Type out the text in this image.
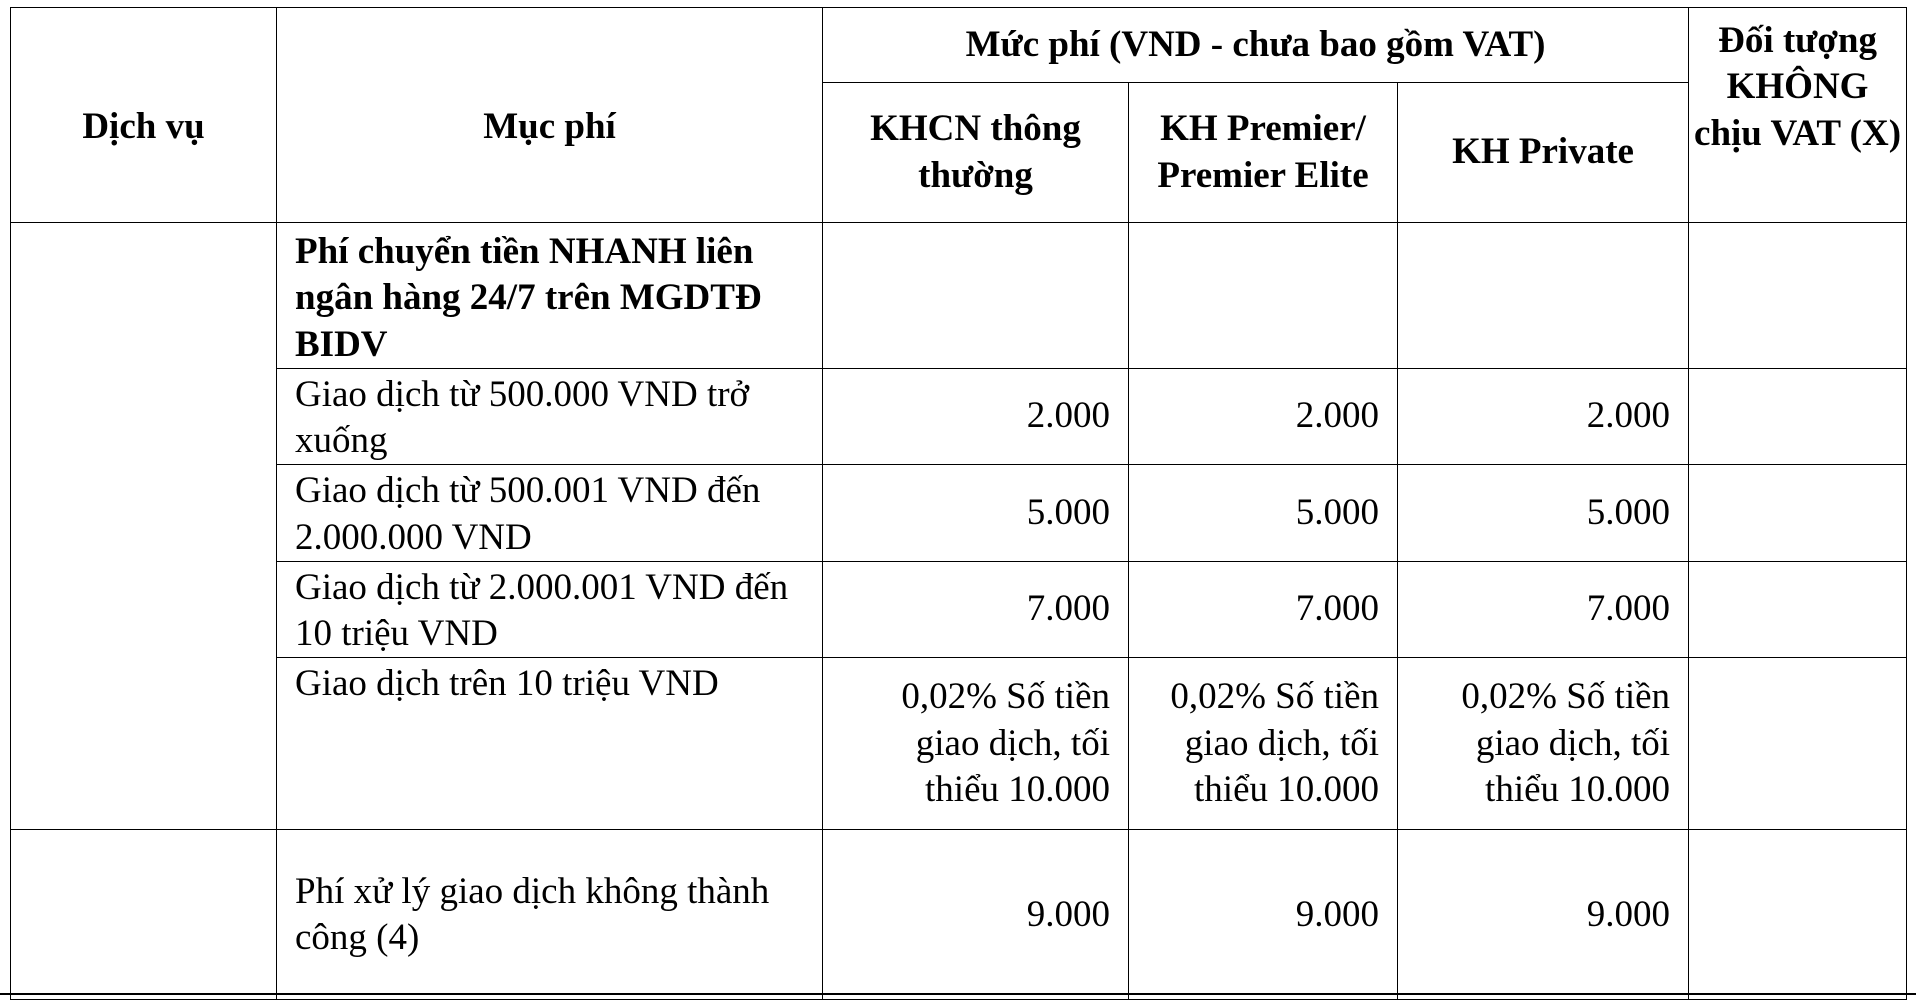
Dịch vụ	Mục phí	Mức phí (VND - chưa bao gồm VAT)			Đối tượng KHÔNG chịu VAT (X)
		KHCN thông thường	KH Premier/ Premier Elite	KH Private	
	Phí chuyển tiền NHANH liên ngân hàng 24/7 trên MGDTĐ BIDV				
	Giao dịch từ 500.000 VND trở xuống	2.000	2.000	2.000	
	Giao dịch từ 500.001 VND đến 2.000.000 VND	5.000	5.000	5.000	
	Giao dịch từ 2.000.001 VND đến 10 triệu VND	7.000	7.000	7.000	
	Giao dịch trên 10 triệu VND	0,02% Số tiền giao dịch, tối thiểu 10.000	0,02% Số tiền giao dịch, tối thiểu 10.000	0,02% Số tiền giao dịch, tối thiểu 10.000	
	Phí xử lý giao dịch không thành công (4)	9.000	9.000	9.000	
